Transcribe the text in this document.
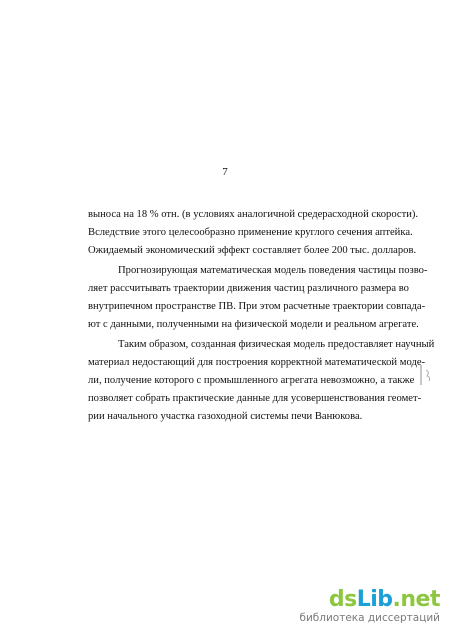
7
выноса на 18 % отн. (в условиях аналогичной средерасходной скорости).
Вследствие этого целесообразно применение круглого сечения аптейка.
Ожидаемый экономический эффект составляет более 200 тыс. долларов.
Прогнозирующая математическая модель поведения частицы позво-
ляет рассчитывать траектории движения частиц различного размера во
внутрипечном пространстве ПВ. При этом расчетные траектории совпада-
ют с данными, полученными на физической модели и реальном агрегате.
Таким образом, созданная физическая модель предоставляет научный
материал недостающий для построения корректной математической моде-
ли, получение которого с промышленного агрегата невозможно, а также
позволяет собрать практические данные для усовершенствования геомет-
рии начального участка газоходной системы печи Ванюкова.
dsLib.net
библиотека диссертаций
